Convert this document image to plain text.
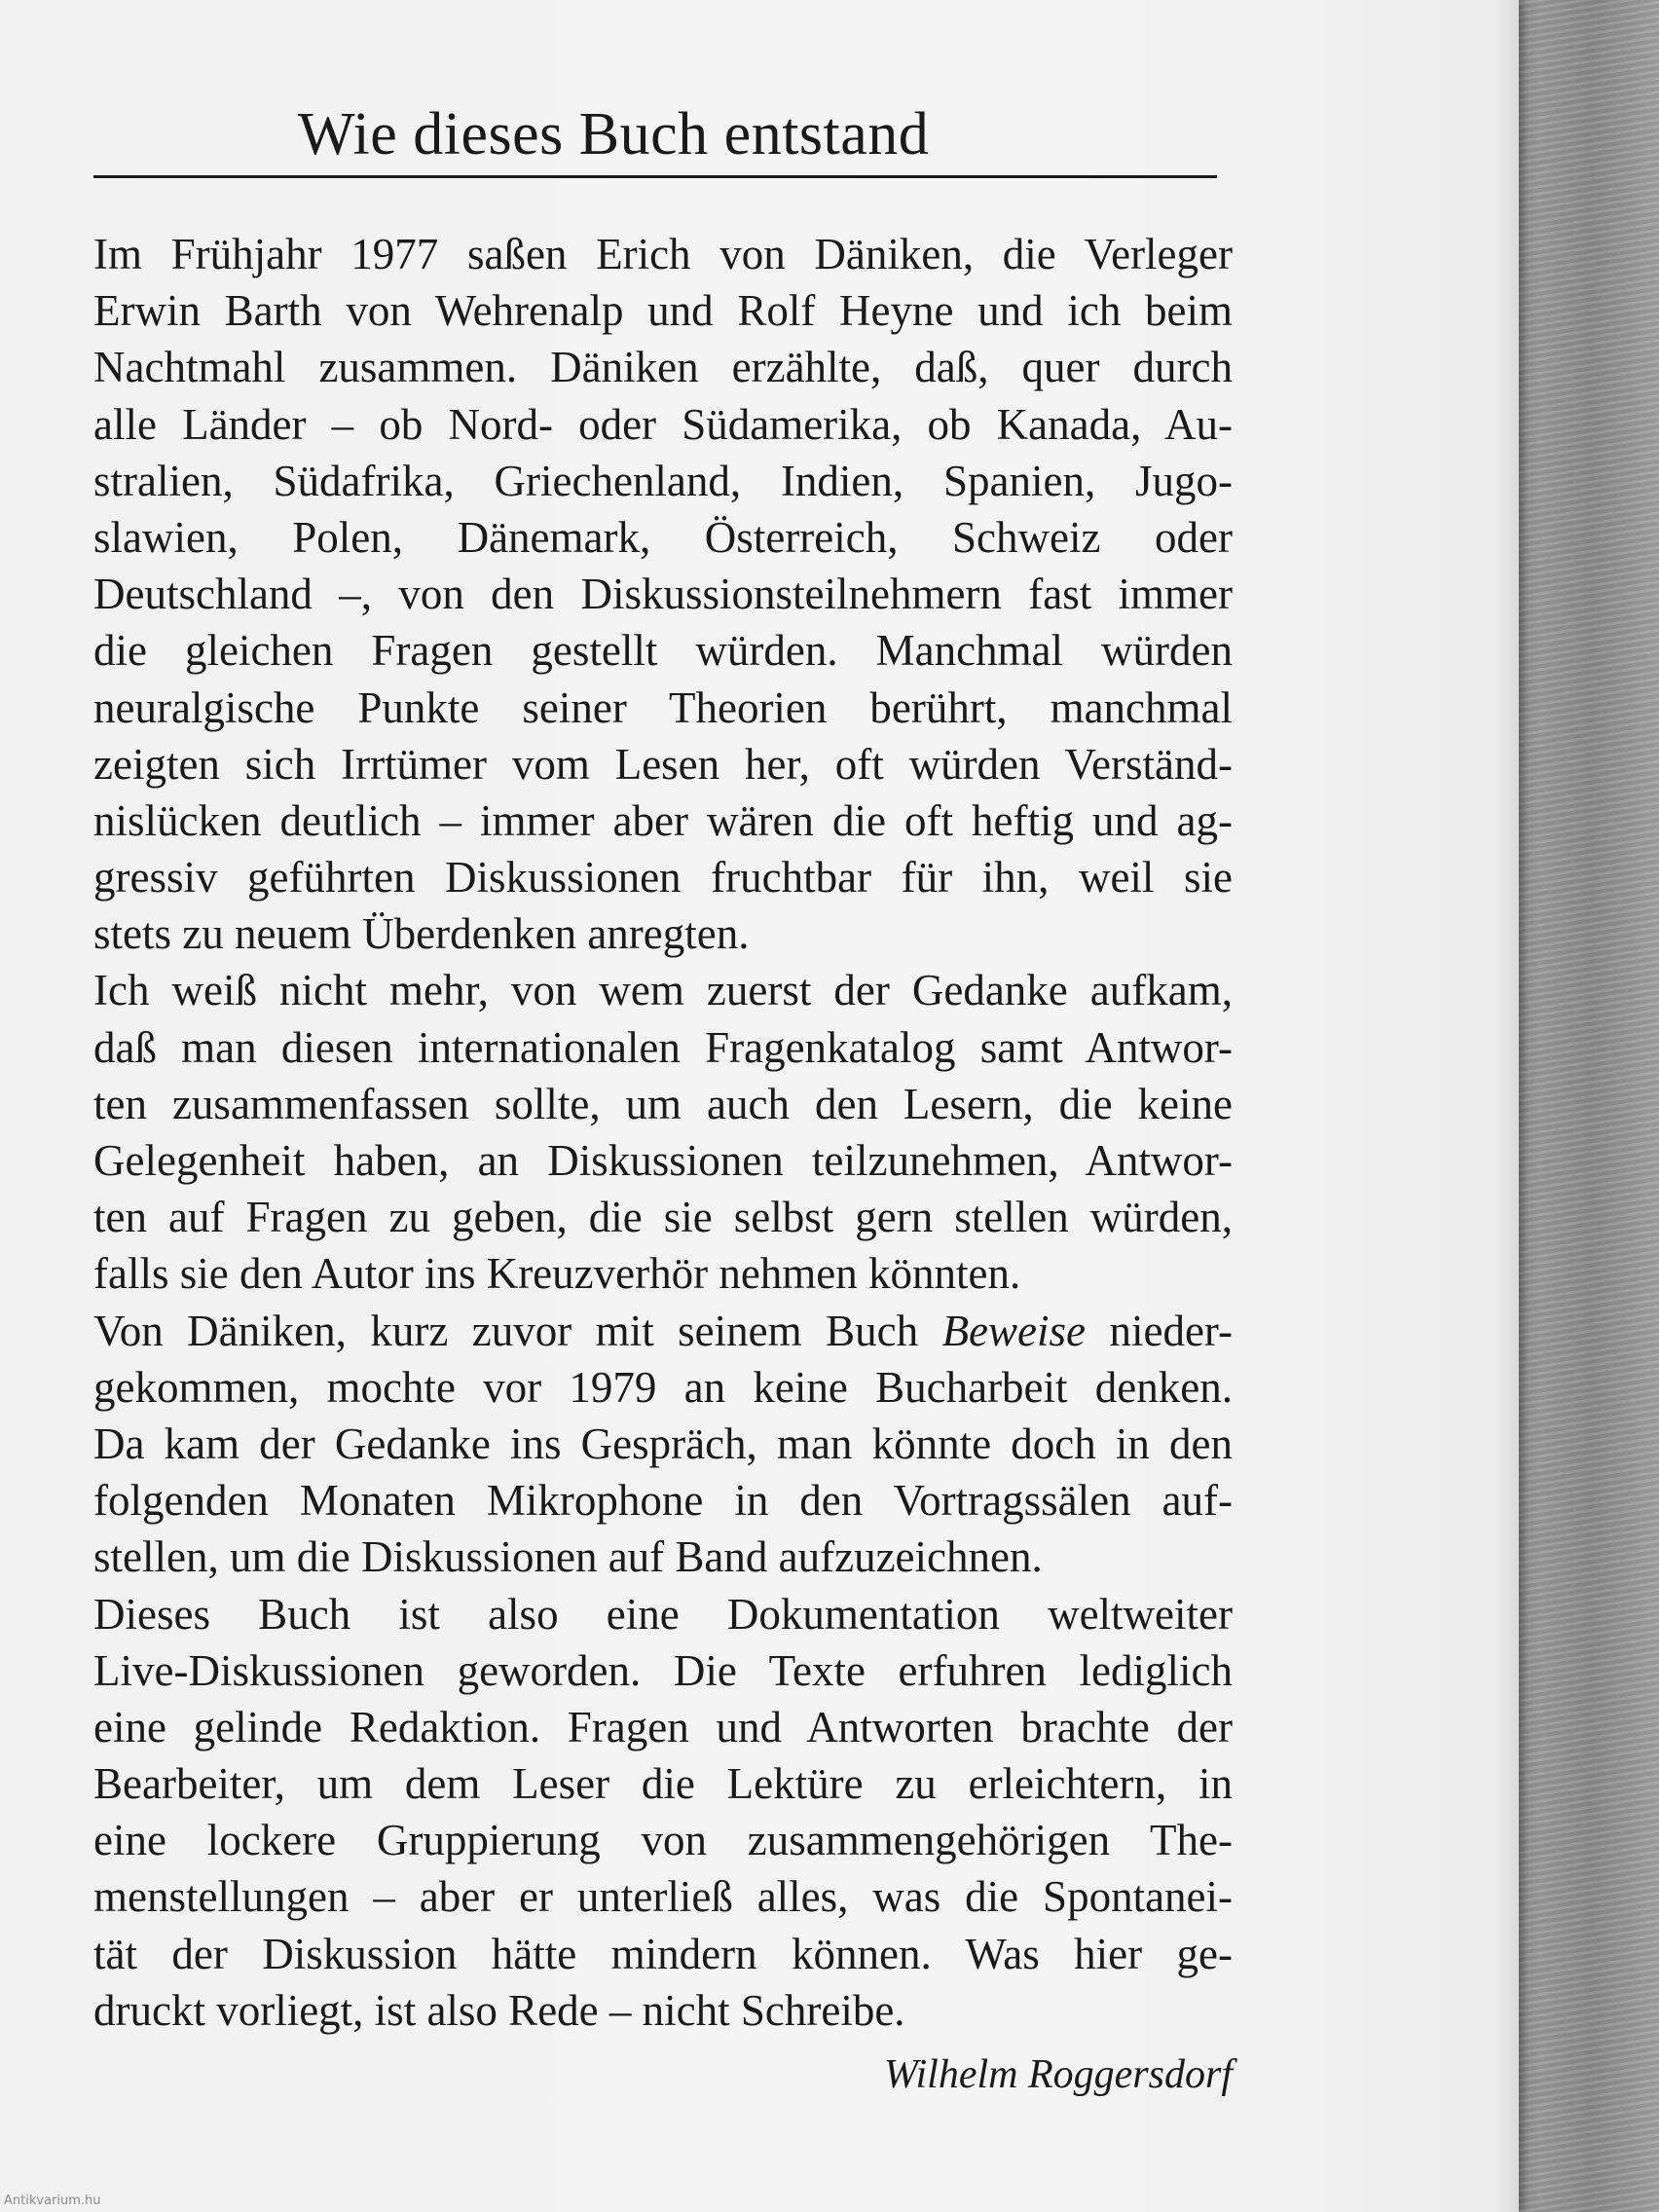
Wie dieses Buch entstand
Im Frühjahr 1977 saßen Erich von Däniken, die Verleger
Erwin Barth von Wehrenalp und Rolf Heyne und ich beim
Nachtmahl zusammen. Däniken erzählte, daß, quer durch
alle Länder – ob Nord- oder Südamerika, ob Kanada, Au-
stralien, Südafrika, Griechenland, Indien, Spanien, Jugo-
slawien, Polen, Dänemark, Österreich, Schweiz oder
Deutschland –, von den Diskussionsteilnehmern fast immer
die gleichen Fragen gestellt würden. Manchmal würden
neuralgische Punkte seiner Theorien berührt, manchmal
zeigten sich Irrtümer vom Lesen her, oft würden Verständ-
nislücken deutlich – immer aber wären die oft heftig und ag-
gressiv geführten Diskussionen fruchtbar für ihn, weil sie
stets zu neuem Überdenken anregten.
Ich weiß nicht mehr, von wem zuerst der Gedanke aufkam,
daß man diesen internationalen Fragenkatalog samt Antwor-
ten zusammenfassen sollte, um auch den Lesern, die keine
Gelegenheit haben, an Diskussionen teilzunehmen, Antwor-
ten auf Fragen zu geben, die sie selbst gern stellen würden,
falls sie den Autor ins Kreuzverhör nehmen könnten.
Von Däniken, kurz zuvor mit seinem Buch Beweise nieder-
gekommen, mochte vor 1979 an keine Bucharbeit denken.
Da kam der Gedanke ins Gespräch, man könnte doch in den
folgenden Monaten Mikrophone in den Vortragssälen auf-
stellen, um die Diskussionen auf Band aufzuzeichnen.
Dieses Buch ist also eine Dokumentation weltweiter
Live-Diskussionen geworden. Die Texte erfuhren lediglich
eine gelinde Redaktion. Fragen und Antworten brachte der
Bearbeiter, um dem Leser die Lektüre zu erleichtern, in
eine lockere Gruppierung von zusammengehörigen The-
menstellungen – aber er unterließ alles, was die Spontanei-
tät der Diskussion hätte mindern können. Was hier ge-
druckt vorliegt, ist also Rede – nicht Schreibe.
Wilhelm Roggersdorf
Antikvarium.hu
